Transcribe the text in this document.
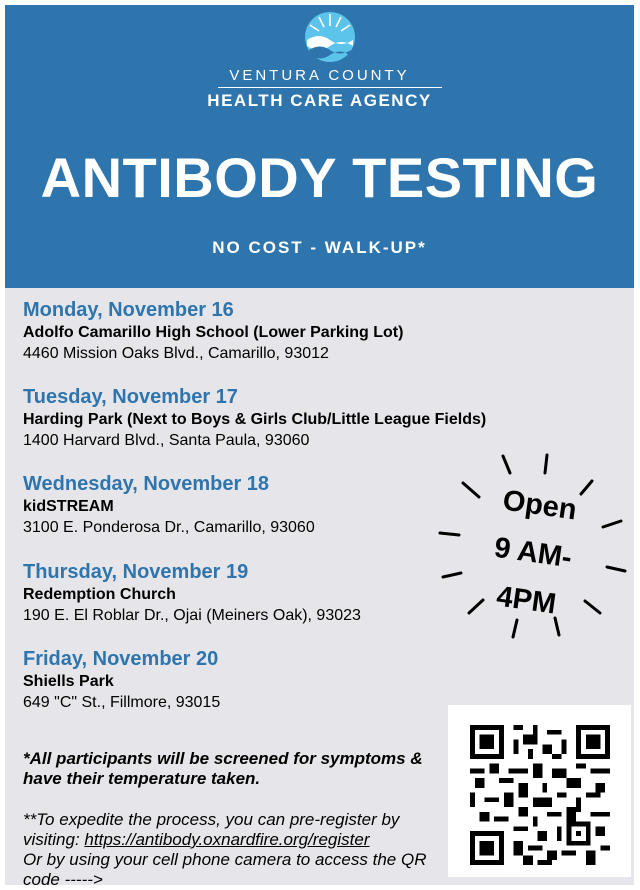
VENTURA COUNTY
HEALTH CARE AGENCY
ANTIBODY TESTING
NO COST - WALK-UP*
Monday, November 16
Adolfo Camarillo High School (Lower Parking Lot)
4460 Mission Oaks Blvd., Camarillo, 93012
Tuesday, November 17
Harding Park (Next to Boys & Girls Club/Little League Fields)
1400 Harvard Blvd., Santa Paula, 93060
Wednesday, November 18
kidSTREAM
3100 E. Ponderosa Dr., Camarillo, 93060
Thursday, November 19
Redemption Church
190 E. El Roblar Dr., Ojai (Meiners Oak), 93023
Friday, November 20
Shiells Park
649 "C" St., Fillmore, 93015
Open
9 AM-
4PM
*All participants will be screened for symptoms & have their temperature taken.
**To expedite the process, you can pre-register by visiting: https://antibody.oxnardfire.org/register
Or by using your cell phone camera to access the QR code ----->
